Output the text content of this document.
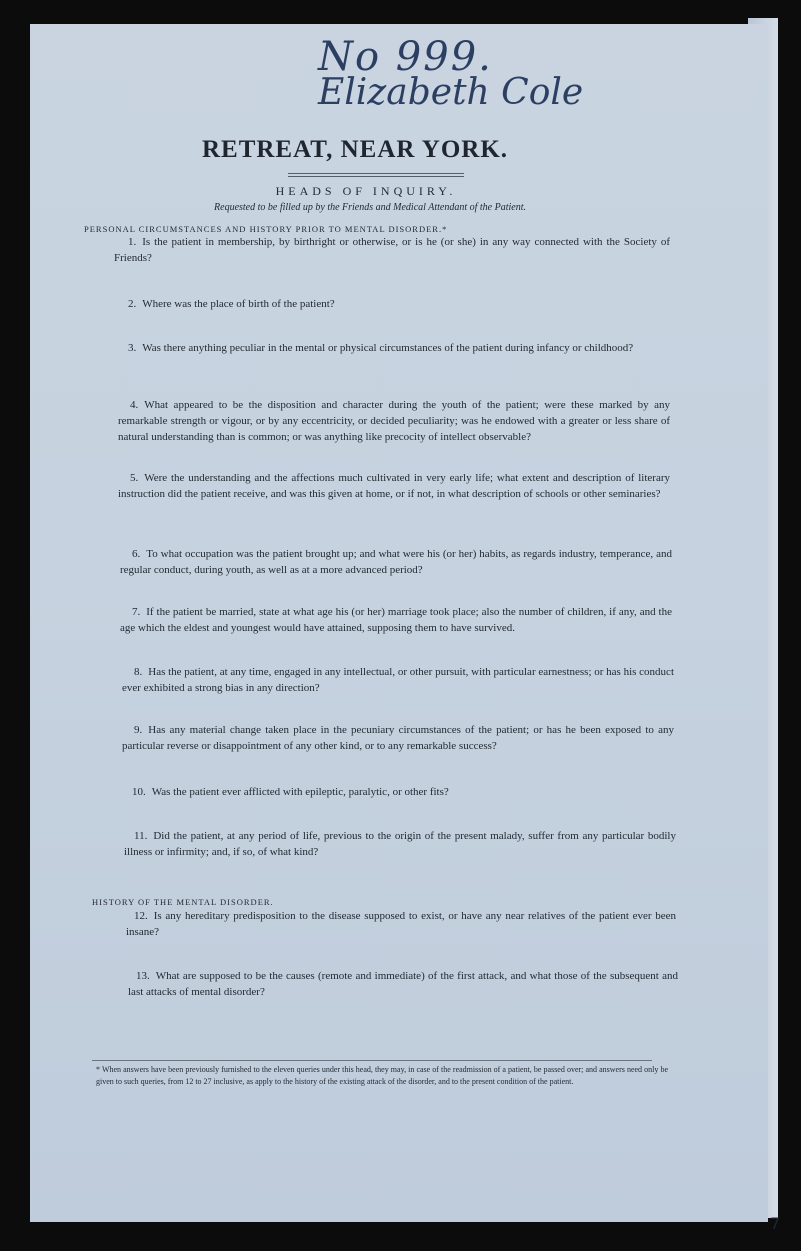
No 999.
Elizabeth Cole
RETREAT, NEAR YORK.
HEADS OF INQUIRY.
Requested to be filled up by the Friends and Medical Attendant of the Patient.
PERSONAL CIRCUMSTANCES AND HISTORY PRIOR TO MENTAL DISORDER.*

1. Is the patient in membership, by birthright or otherwise, or is he (or she) in any way connected with the Society of Friends?

2. Where was the place of birth of the patient?

3. Was there anything peculiar in the mental or physical circumstances of the patient during infancy or childhood?

4. What appeared to be the disposition and character during the youth of the patient; were these marked by any remarkable strength or vigour, or by any eccentricity, or decided peculiarity; was he endowed with a greater or less share of natural understanding than is common; or was anything like precocity of intellect observable?

5. Were the understanding and the affections much cultivated in very early life; what extent and description of literary instruction did the patient receive, and was this given at home, or if not, in what description of schools or other seminaries?

6. To what occupation was the patient brought up; and what were his (or her) habits, as regards industry, temperance, and regular conduct, during youth, as well as at a more advanced period?

7. If the patient be married, state at what age his (or her) marriage took place; also the number of children, if any, and the age which the eldest and youngest would have attained, supposing them to have survived.

8. Has the patient, at any time, engaged in any intellectual, or other pursuit, with particular earnestness; or has his conduct ever exhibited a strong bias in any direction?

9. Has any material change taken place in the pecuniary circumstances of the patient; or has he been exposed to any particular reverse or disappointment of any other kind, or to any remarkable success?

10. Was the patient ever afflicted with epileptic, paralytic, or other fits?

11. Did the patient, at any period of life, previous to the origin of the present malady, suffer from any particular bodily illness or infirmity; and, if so, of what kind?

HISTORY OF THE MENTAL DISORDER.

12. Is any hereditary predisposition to the disease supposed to exist, or have any near relatives of the patient ever been insane?

13. What are supposed to be the causes (remote and immediate) of the first attack, and what those of the subsequent and last attacks of mental disorder?

* When answers have been previously furnished to the eleven queries under this head, they may, in case of the readmission of a patient, be passed over; and answers need only be given to such queries, from 12 to 27 inclusive, as apply to the history of the existing attack of the disorder, and to the present condition of the patient.
7
